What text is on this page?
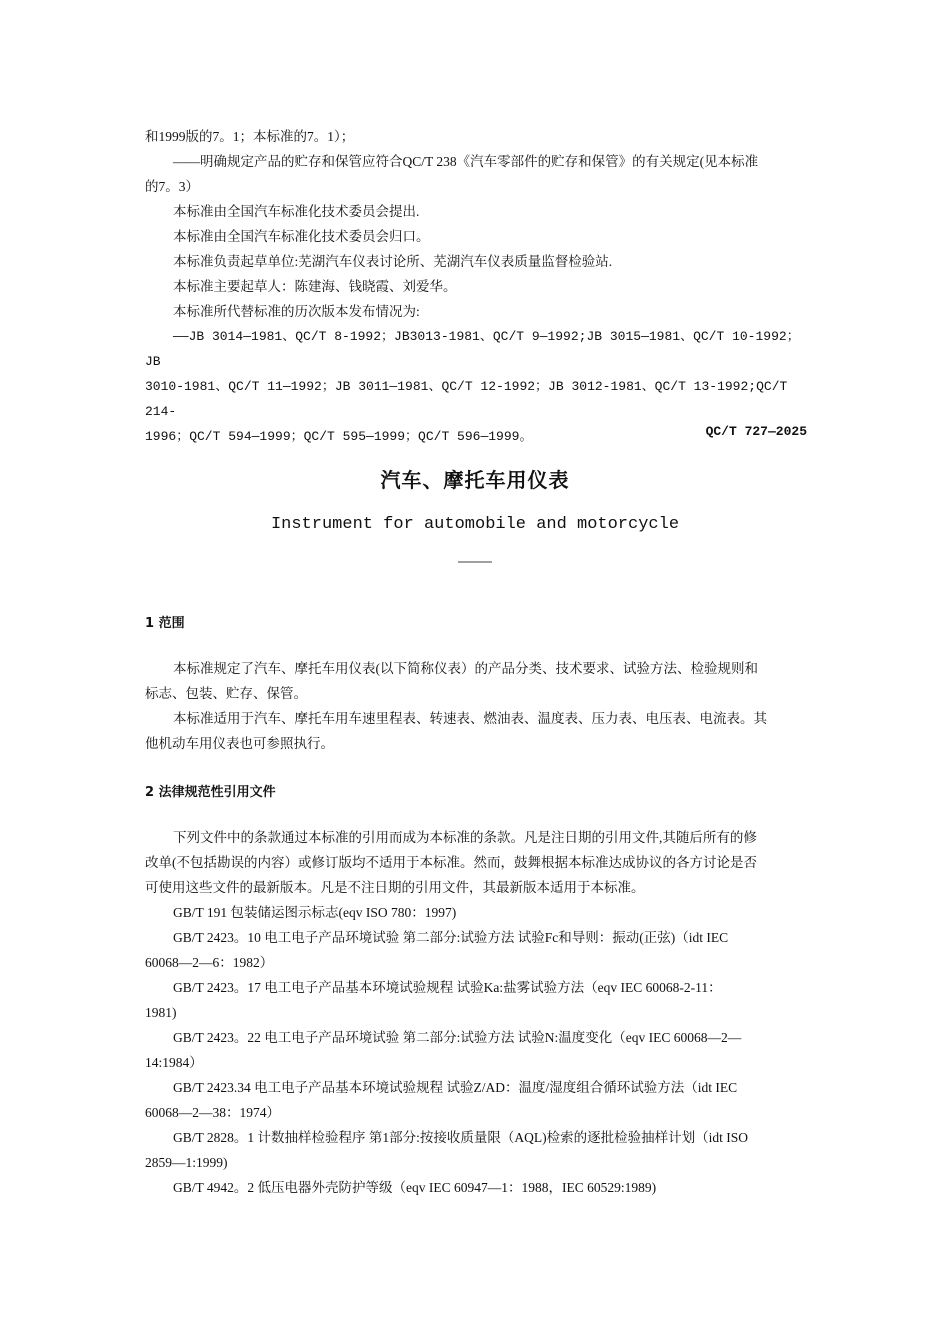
和1999版的7。1；本标准的7。1）；

——明确规定产品的贮存和保管应符合QC/T 238《汽车零部件的贮存和保管》的有关规定(见本标准

的7。3）

本标准由全国汽车标准化技术委员会提出.

本标准由全国汽车标准化技术委员会归口。

本标准负责起草单位:芜湖汽车仪表讨论所、芜湖汽车仪表质量监督检验站.

本标准主要起草人：陈建海、钱晓霞、刘爱华。

本标准所代替标准的历次版本发布情况为:

——JB 3014—1981、QC/T 8-1992；JB3013-1981、QC/T 9—1992;JB 3015—1981、QC/T 10-1992；JB

3010-1981、QC/T 11—1992；JB 3011—1981、QC/T 12-1992；JB 3012-1981、QC/T 13-1992;QC/T 214-

1996；QC/T 594—1999；QC/T 595—1999；QC/T 596—1999。	QC/T 727—2025
汽车、摩托车用仪表
Instrument for automobile and motorcycle
1 范围

本标准规定了汽车、摩托车用仪表(以下简称仪表）的产品分类、技术要求、试验方法、检验规则和

标志、包装、贮存、保管。

本标准适用于汽车、摩托车用车速里程表、转速表、燃油表、温度表、压力表、电压表、电流表。其

他机动车用仪表也可参照执行。

2 法律规范性引用文件

下列文件中的条款通过本标准的引用而成为本标准的条款。凡是注日期的引用文件,其随后所有的修

改单(不包括勘误的内容）或修订版均不适用于本标准。然而，鼓舞根据本标准达成协议的各方讨论是否

可使用这些文件的最新版本。凡是不注日期的引用文件，其最新版本适用于本标准。

GB/T 191 包装储运图示标志(eqv ISO 780：1997)

GB/T 2423。10 电工电子产品环境试验 第二部分:试验方法 试验Fc和导则：振动(正弦)（idt IEC

60068—2—6：1982）

GB/T 2423。17 电工电子产品基本环境试验规程 试验Ka:盐雾试验方法（eqv IEC 60068-2-11：

1981)

GB/T 2423。22 电工电子产品环境试验 第二部分:试验方法 试验N:温度变化（eqv IEC 60068—2—

14:1984）

GB/T 2423.34 电工电子产品基本环境试验规程 试验Z/AD：温度/湿度组合循环试验方法（idt IEC

60068—2—38：1974）

GB/T 2828。1 计数抽样检验程序 第1部分:按接收质量限（AQL)检索的逐批检验抽样计划（idt ISO

2859—1:1999)

GB/T 4942。2 低压电器外壳防护等级（eqv IEC 60947—1：1988，IEC 60529:1989)
